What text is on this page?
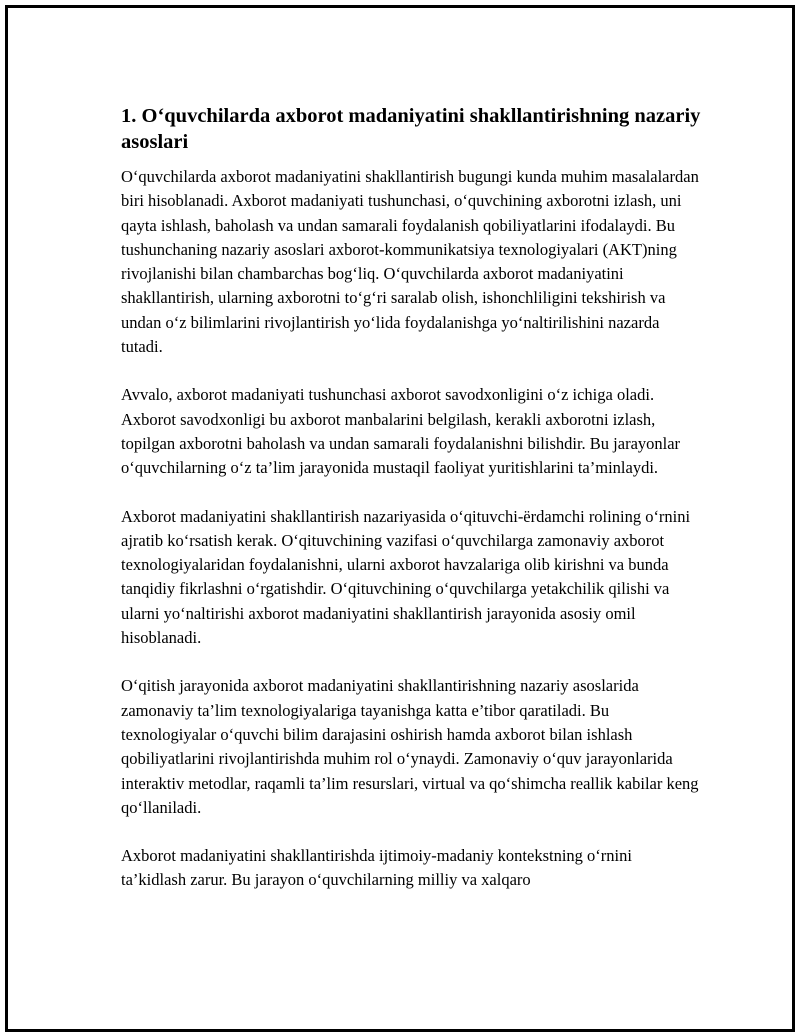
1. O‘quvchilarda axborot madaniyatini shakllantirishning nazariy asoslari

O‘quvchilarda axborot madaniyatini shakllantirish bugungi kunda muhim masalalardan biri hisoblanadi. Axborot madaniyati tushunchasi, o‘quvchining axborotni izlash, uni qayta ishlash, baholash va undan samarali foydalanish qobiliyatlarini ifodalaydi. Bu tushunchaning nazariy asoslari axborot-kommunikatsiya texnologiyalari (AKT)ning rivojlanishi bilan chambarchas bog‘liq. O‘quvchilarda axborot madaniyatini shakllantirish, ularning axborotni to‘g‘ri saralab olish, ishonchliligini tekshirish va undan o‘z bilimlarini rivojlantirish yo‘lida foydalanishga yo‘naltirilishini nazarda tutadi.

Avvalo, axborot madaniyati tushunchasi axborot savodxonligini o‘z ichiga oladi. Axborot savodxonligi bu axborot manbalarini belgilash, kerakli axborotni izlash, topilgan axborotni baholash va undan samarali foydalanishni bilishdir. Bu jarayonlar o‘quvchilarning o‘z ta’lim jarayonida mustaqil faoliyat yuritishlarini ta’minlaydi.

Axborot madaniyatini shakllantirish nazariyasida o‘qituvchi-ërdamchi rolining o‘rnini ajratib ko‘rsatish kerak. O‘qituvchining vazifasi o‘quvchilarga zamonaviy axborot texnologiyalaridan foydalanishni, ularni axborot havzalariga olib kirishni va bunda tanqidiy fikrlashni o‘rgatishdir. O‘qituvchining o‘quvchilarga yetakchilik qilishi va ularni yo‘naltirishi axborot madaniyatini shakllantirish jarayonida asosiy omil hisoblanadi.

O‘qitish jarayonida axborot madaniyatini shakllantirishning nazariy asoslarida zamonaviy ta’lim texnologiyalariga tayanishga katta e’tibor qaratiladi. Bu texnologiyalar o‘quvchi bilim darajasini oshirish hamda axborot bilan ishlash qobiliyatlarini rivojlantirishda muhim rol o‘ynaydi. Zamonaviy o‘quv jarayonlarida interaktiv metodlar, raqamli ta’lim resurslari, virtual va qo‘shimcha reallik kabilar keng qo‘llaniladi.

Axborot madaniyatini shakllantirishda ijtimoiy-madaniy kontekstning o‘rnini ta’kidlash zarur. Bu jarayon o‘quvchilarning milliy va xalqaro
